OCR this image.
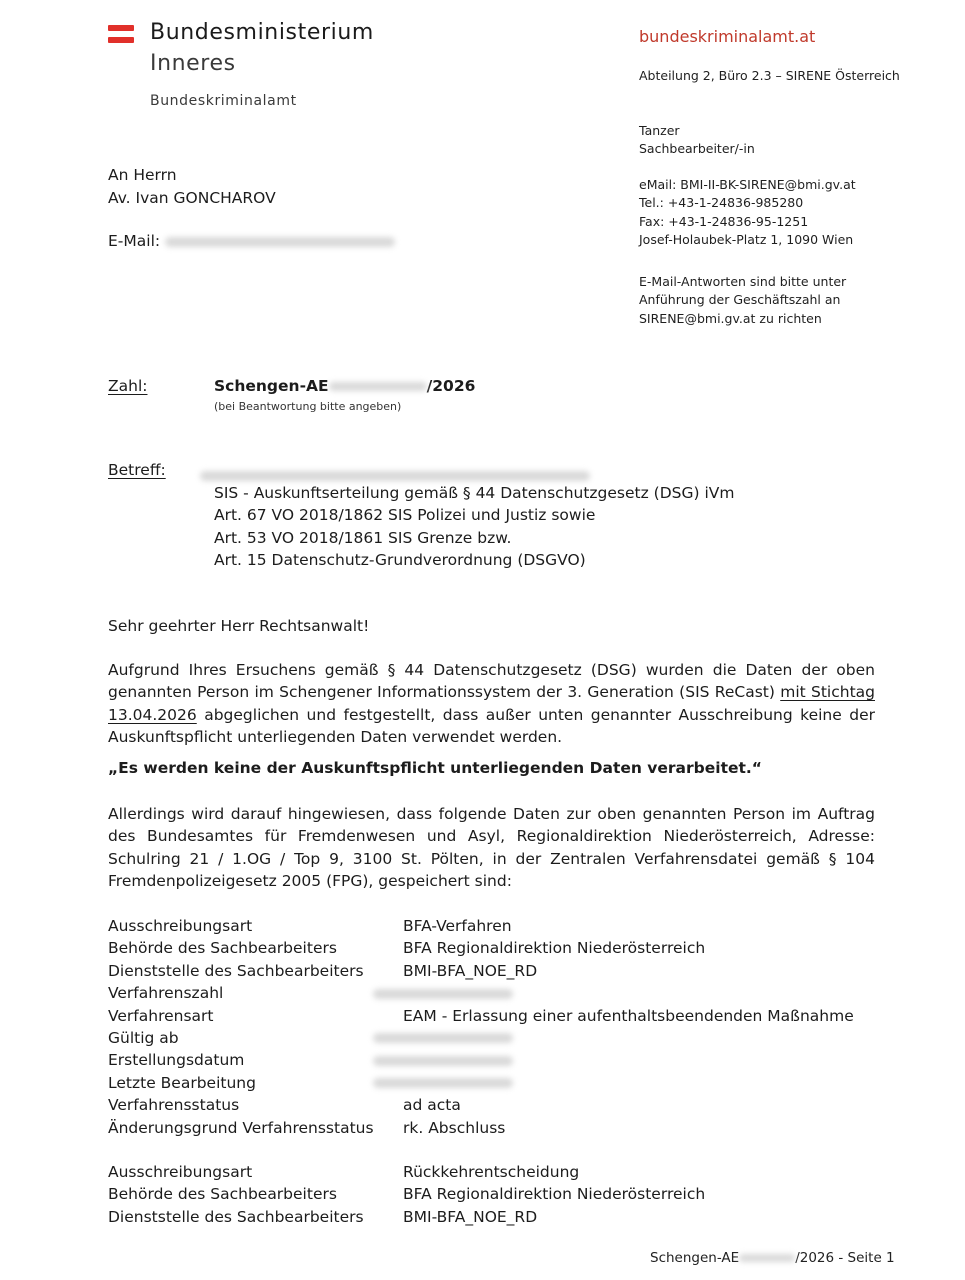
Bundesministerium
Inneres
Bundeskriminalamt
bundeskriminalamt.at
Abteilung 2, Büro 2.3 – SIRENE Österreich
Tanzer
Sachbearbeiter/-in
eMail: BMI-II-BK-SIRENE@bmi.gv.at
Tel.: +43-1-24836-985280
Fax: +43-1-24836-95-1251
Josef-Holaubek-Platz 1, 1090 Wien
E-Mail-Antworten sind bitte unter
Anführung der Geschäftszahl an
SIRENE@bmi.gv.at zu richten
An Herrn
Av. Ivan GONCHAROV
E-Mail:
Zahl:	Schengen-AE	/2026
(bei Beantwortung bitte angeben)
Betreff:
SIS - Auskunftserteilung gemäß § 44 Datenschutzgesetz (DSG) iVm
Art. 67 VO 2018/1862 SIS Polizei und Justiz sowie
Art. 53 VO 2018/1861 SIS Grenze bzw.
Art. 15 Datenschutz-Grundverordnung (DSGVO)
Sehr geehrter Herr Rechtsanwalt!
Aufgrund Ihres Ersuchens gemäß § 44 Datenschutzgesetz (DSG) wurden die Daten der oben genannten Person im Schengener Informationssystem der 3. Generation (SIS ReCast) mit Stichtag 13.04.2026 abgeglichen und festgestellt, dass außer unten genannter Ausschreibung keine der Auskunftspflicht unterliegenden Daten verwendet werden.
„Es werden keine der Auskunftspflicht unterliegenden Daten verarbeitet.“
Allerdings wird darauf hingewiesen, dass folgende Daten zur oben genannten Person im Auftrag des Bundesamtes für Fremdenwesen und Asyl, Regionaldirektion Niederösterreich, Adresse: Schulring 21 / 1.OG / Top 9, 3100 St. Pölten, in der Zentralen Verfahrensdatei gemäß § 104 Fremdenpolizeigesetz 2005 (FPG), gespeichert sind:
Ausschreibungsart	BFA-Verfahren
Behörde des Sachbearbeiters	BFA Regionaldirektion Niederösterreich
Dienststelle des Sachbearbeiters	BMI-BFA_NOE_RD
Verfahrenszahl
Verfahrensart	EAM - Erlassung einer aufenthaltsbeendenden Maßnahme
Gültig ab
Erstellungsdatum
Letzte Bearbeitung
Verfahrensstatus	ad acta
Änderungsgrund Verfahrensstatus	rk. Abschluss
Ausschreibungsart	Rückkehrentscheidung
Behörde des Sachbearbeiters	BFA Regionaldirektion Niederösterreich
Dienststelle des Sachbearbeiters	BMI-BFA_NOE_RD
Schengen-AE	/2026 - Seite 1
